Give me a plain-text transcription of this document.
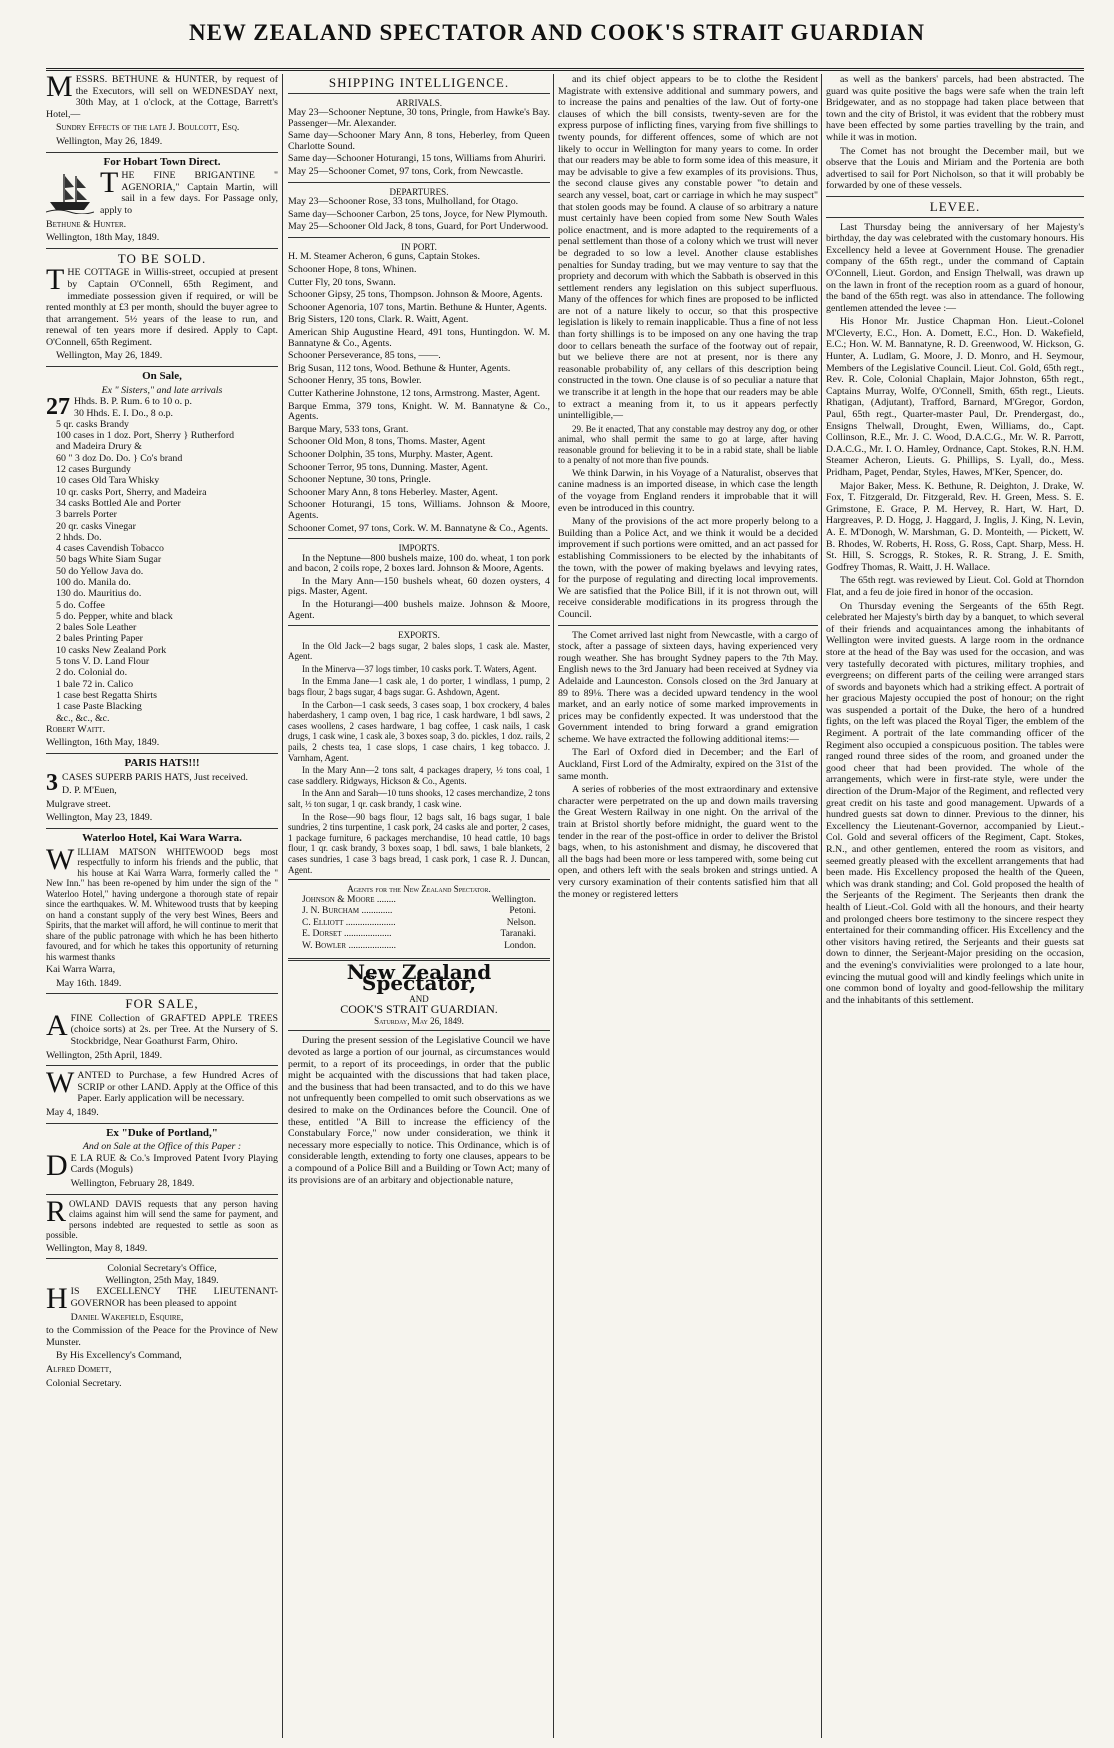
NEW ZEALAND SPECTATOR AND COOK'S STRAIT GUARDIAN

MESSRS. BETHUNE & HUNTER, by request of the Executors, will sell on WEDNESDAY next, 30th May, at 1 o'clock, at the Cottage, Barrett's Hotel,—

Sundry Effects of the late J. Boulcott, Esq.

Wellington, May 26, 1849.

For Hobart Town Direct.

THE FINE BRIGANTINE " AGENORIA," Captain Martin, will sail in a few days. For Passage only, apply to

Bethune & Hunter.

Wellington, 18th May, 1849.

TO BE SOLD.

THE COTTAGE in Willis-street, occupied at present by Captain O'Connell, 65th Regiment, and immediate possession given if required, or will be rented monthly at £3 per month, should the buyer agree to that arrangement. 5½ years of the lease to run, and renewal of ten years more if desired. Apply to Capt. O'Connell, 65th Regiment.

Wellington, May 26, 1849.

On Sale,
Ex " Sisters," and late arrivals
27 Hhds. B. P. Rum. 6 to 10 o. p.
30 Hhds. E. I. Do., 8 o.p.
5 qr. casks Brandy
100 cases in 1 doz. Port, Sherry } Rutherford
and Madeira Drury &
60 " 3 doz Do. Do. } Co's brand
12 cases Burgundy
10 cases Old Tara Whisky
10 qr. casks Port, Sherry, and Madeira
34 casks Bottled Ale and Porter
3 barrels Porter
20 qr. casks Vinegar
2 hhds. Do.
4 cases Cavendish Tobacco
50 bags White Siam Sugar
50 do Yellow Java do.
100 do. Manila do.
130 do. Mauritius do.
5 do. Coffee
5 do. Pepper, white and black
2 bales Sole Leather
2 bales Printing Paper
10 casks New Zealand Pork
5 tons V. D. Land Flour
2 do. Colonial do.
1 bale 72 in. Calico
1 case best Regatta Shirts
1 case Paste Blacking
&c., &c., &c.

Robert Waitt.

Wellington, 16th May, 1849.

PARIS HATS!!!

3 CASES SUPERB PARIS HATS, Just received.

D. P. M'Euen,

Mulgrave street.

Wellington, May 23, 1849.

Waterloo Hotel, Kai Wara Warra.

WILLIAM MATSON WHITEWOOD begs most respectfully to inform his friends and the public, that his house at Kai Warra Warra, formerly called the " New Inn." has been re-opened by him under the sign of the " Waterloo Hotel," having undergone a thorough state of repair since the earthquakes. W. M. Whitewood trusts that by keeping on hand a constant supply of the very best Wines, Beers and Spirits, that the market will afford, he will continue to merit that share of the public patronage with which he has been hitherto favoured, and for which he takes this opportunity of returning his warmest thanks

Kai Warra Warra,

May 16th. 1849.

FOR SALE,

AFINE Collection of GRAFTED APPLE TREES (choice sorts) at 2s. per Tree. At the Nursery of S. Stockbridge, Near Goathurst Farm, Ohiro.

Wellington, 25th April, 1849.

WANTED to Purchase, a few Hundred Acres of SCRIP or other LAND. Apply at the Office of this Paper. Early application will be necessary.

May 4, 1849.

Ex "Duke of Portland,"
And on Sale at the Office of this Paper :

D E LA RUE & Co.'s Improved Patent Ivory Playing Cards (Moguls)

Wellington, February 28, 1849.

ROWLAND DAVIS requests that any person having claims against him will send the same for payment, and persons indebted are requested to settle as soon as possible.

Wellington, May 8, 1849.

Colonial Secretary's Office,
Wellington, 25th May, 1849.

HIS EXCELLENCY THE LIEUTENANT-GOVERNOR has been pleased to appoint

Daniel Wakefield, Esquire,

to the Commission of the Peace for the Province of New Munster.

By His Excellency's Command,

Alfred Domett,

Colonial Secretary.

SHIPPING INTELLIGENCE.
ARRIVALS.

May 23—Schooner Neptune, 30 tons, Pringle, from Hawke's Bay. Passenger—Mr. Alexander.

Same day—Schooner Mary Ann, 8 tons, Heberley, from Queen Charlotte Sound.

Same day—Schooner Hoturangi, 15 tons, Williams from Ahuriri.

May 25—Schooner Comet, 97 tons, Cork, from Newcastle.

DEPARTURES.

May 23—Schooner Rose, 33 tons, Mulholland, for Otago.

Same day—Schooner Carbon, 25 tons, Joyce, for New Plymouth.

May 25—Schooner Old Jack, 8 tons, Guard, for Port Underwood.

IN PORT.

H. M. Steamer Acheron, 6 guns, Captain Stokes.

Schooner Hope, 8 tons, Whinen.

Cutter Fly, 20 tons, Swann.

Schooner Gipsy, 25 tons, Thompson. Johnson & Moore, Agents.

Schooner Agenoria, 107 tons, Martin. Bethune & Hunter, Agents.

Brig Sisters, 120 tons, Clark. R. Waitt, Agent.

American Ship Augustine Heard, 491 tons, Huntingdon. W. M. Bannatyne & Co., Agents.

Schooner Perseverance, 85 tons, ——.

Brig Susan, 112 tons, Wood. Bethune & Hunter, Agents.

Schooner Henry, 35 tons, Bowler.

Cutter Katherine Johnstone, 12 tons, Armstrong. Master, Agent.

Barque Emma, 379 tons, Knight. W. M. Bannatyne & Co., Agents.

Barque Mary, 533 tons, Grant.

Schooner Old Mon, 8 tons, Thoms. Master, Agent

Schooner Dolphin, 35 tons, Murphy. Master, Agent.

Schooner Terror, 95 tons, Dunning. Master, Agent.

Schooner Neptune, 30 tons, Pringle.

Schooner Mary Ann, 8 tons Heberley. Master, Agent.

Schooner Hoturangi, 15 tons, Williams. Johnson & Moore, Agents.

Schooner Comet, 97 tons, Cork. W. M. Bannatyne & Co., Agents.

IMPORTS.

In the Neptune—800 bushels maize, 100 do. wheat, 1 ton pork and bacon, 2 coils rope, 2 boxes lard. Johnson & Moore, Agents.

In the Mary Ann—150 bushels wheat, 60 dozen oysters, 4 pigs. Master, Agent.

In the Hoturangi—400 bushels maize. Johnson & Moore, Agent.

EXPORTS.

In the Old Jack—2 bags sugar, 2 bales slops, 1 cask ale. Master, Agent.

In the Minerva—37 logs timber, 10 casks pork. T. Waters, Agent.

In the Emma Jane—1 cask ale, 1 do porter, 1 windlass, 1 pump, 2 bags flour, 2 bags sugar, 4 bags sugar. G. Ashdown, Agent.

In the Carbon—1 cask seeds, 3 cases soap, 1 box crockery, 4 bales haberdashery, 1 camp oven, 1 bag rice, 1 cask hardware, 1 bdl saws, 2 cases woollens, 2 cases hardware, 1 bag coffee, 1 cask nails, 1 cask drugs, 1 cask wine, 1 cask ale, 3 boxes soap, 3 do. pickles, 1 doz. rails, 2 pails, 2 chests tea, 1 case slops, 1 case chairs, 1 keg tobacco. J. Varnham, Agent.

In the Mary Ann—2 tons salt, 4 packages drapery, ½ tons coal, 1 case saddlery. Ridgways, Hickson & Co., Agents.

In the Ann and Sarah—10 tuns shooks, 12 cases merchandize, 2 tons salt, ½ ton sugar, 1 qr. cask brandy, 1 cask wine.

In the Rose—90 bags flour, 12 bags salt, 16 bags sugar, 1 bale sundries, 2 tins turpentine, 1 cask pork, 24 casks ale and porter, 2 cases, 1 package furniture, 6 packages merchandise, 10 head cattle, 10 bags flour, 1 qr. cask brandy, 3 boxes soap, 1 bdl. saws, 1 bale blankets, 2 cases sundries, 1 case 3 bags bread, 1 cask pork, 1 case R. J. Duncan, Agent.

Agents for the New Zealand Spectator.
Johnson & Moore ........	Wellington.
J. N. Burcham .............	Petoni.
C. Elliott .....................	Nelson.
E. Dorset ....................	Taranaki.
W. Bowler ....................	London.
New Zealand Spectator,
AND
COOK'S STRAIT GUARDIAN.
Saturday, May 26, 1849.

During the present session of the Legislative Council we have devoted as large a portion of our journal, as circumstances would permit, to a report of its proceedings, in order that the public might be acquainted with the discussions that had taken place, and the business that had been transacted, and to do this we have not unfrequently been compelled to omit such observations as we desired to make on the Ordinances before the Council. One of these, entitled "A Bill to increase the efficiency of the Constabulary Force," now under consideration, we think it necessary more especially to notice. This Ordinance, which is of considerable length, extending to forty one clauses, appears to be a compound of a Police Bill and a Building or Town Act; many of its provisions are of an arbitary and objectionable nature,

and its chief object appears to be to clothe the Resident Magistrate with extensive additional and summary powers, and to increase the pains and penalties of the law. Out of forty-one clauses of which the bill consists, twenty-seven are for the express purpose of inflicting fines, varying from five shillings to twenty pounds, for different offences, some of which are not likely to occur in Wellington for many years to come. In order that our readers may be able to form some idea of this measure, it may be advisable to give a few examples of its provisions. Thus, the second clause gives any constable power "to detain and search any vessel, boat, cart or carriage in which he may suspect" that stolen goods may be found. A clause of so arbitrary a nature must certainly have been copied from some New South Wales police enactment, and is more adapted to the requirements of a penal settlement than those of a colony which we trust will never be degraded to so low a level. Another clause establishes penalties for Sunday trading, but we may venture to say that the propriety and decorum with which the Sabbath is observed in this settlement renders any legislation on this subject superfluous. Many of the offences for which fines are proposed to be inflicted are not of a nature likely to occur, so that this prospective legislation is likely to remain inapplicable. Thus a fine of not less than forty shillings is to be imposed on any one having the trap door to cellars beneath the surface of the footway out of repair, but we believe there are not at present, nor is there any reasonable probability of, any cellars of this description being constructed in the town. One clause is of so peculiar a nature that we transcribe it at length in the hope that our readers may be able to extract a meaning from it, to us it appears perfectly unintelligible,—

29. Be it enacted, That any constable may destroy any dog, or other animal, who shall permit the same to go at large, after having reasonable ground for believing it to be in a rabid state, shall be liable to a penalty of not more than five pounds.

We think Darwin, in his Voyage of a Naturalist, observes that canine madness is an imported disease, in which case the length of the voyage from England renders it improbable that it will even be introduced in this country.

Many of the provisions of the act more properly belong to a Building than a Police Act, and we think it would be a decided improvement if such portions were omitted, and an act passed for establishing Commissioners to be elected by the inhabitants of the town, with the power of making byelaws and levying rates, for the purpose of regulating and directing local improvements. We are satisfied that the Police Bill, if it is not thrown out, will receive considerable modifications in its progress through the Council.

The Comet arrived last night from Newcastle, with a cargo of stock, after a passage of sixteen days, having experienced very rough weather. She has brought Sydney papers to the 7th May. English news to the 3rd January had been received at Sydney via Adelaide and Launceston. Consols closed on the 3rd January at 89 to 89⅛. There was a decided upward tendency in the wool market, and an early notice of some marked improvements in prices may be confidently expected. It was understood that the Government intended to bring forward a grand emigration scheme. We have extracted the following additional items:—

The Earl of Oxford died in December; and the Earl of Auckland, First Lord of the Admiralty, expired on the 31st of the same month.

A series of robberies of the most extraordinary and extensive character were perpetrated on the up and down mails traversing the Great Western Railway in one night. On the arrival of the train at Bristol shortly before midnight, the guard went to the tender in the rear of the post-office in order to deliver the Bristol bags, when, to his astonishment and dismay, he discovered that all the bags had been more or less tampered with, some being cut open, and others left with the seals broken and strings untied. A very cursory examination of their contents satisfied him that all the money or registered letters

as well as the bankers' parcels, had been abstracted. The guard was quite positive the bags were safe when the train left Bridgewater, and as no stoppage had taken place between that town and the city of Bristol, it was evident that the robbery must have been effected by some parties travelling by the train, and while it was in motion.

The Comet has not brought the December mail, but we observe that the Louis and Miriam and the Portenia are both advertised to sail for Port Nicholson, so that it will probably be forwarded by one of these vessels.

LEVEE.

Last Thursday being the anniversary of her Majesty's birthday, the day was celebrated with the customary honours. His Excellency held a levee at Government House. The grenadier company of the 65th regt., under the command of Captain O'Connell, Lieut. Gordon, and Ensign Thelwall, was drawn up on the lawn in front of the reception room as a guard of honour, the band of the 65th regt. was also in attendance. The following gentlemen attended the levee :—

His Honor Mr. Justice Chapman Hon. Lieut.-Colonel M'Cleverty, E.C., Hon. A. Domett, E.C., Hon. D. Wakefield, E.C.; Hon. W. M. Bannatyne, R. D. Greenwood, W. Hickson, G. Hunter, A. Ludlam, G. Moore, J. D. Monro, and H. Seymour, Members of the Legislative Council. Lieut. Col. Gold, 65th regt., Rev. R. Cole, Colonial Chaplain, Major Johnston, 65th regt., Captains Murray, Wolfe, O'Connell, Smith, 65th regt., Lieuts. Rhatigan, (Adjutant), Trafford, Barnard, M'Gregor, Gordon, Paul, 65th regt., Quarter-master Paul, Dr. Prendergast, do., Ensigns Thelwall, Drought, Ewen, Williams, do., Capt. Collinson, R.E., Mr. J. C. Wood, D.A.C.G., Mr. W. R. Parrott, D.A.C.G., Mr. I. O. Hamley, Ordnance, Capt. Stokes, R.N. H.M. Steamer Acheron, Lieuts. G. Phillips, S. Lyall, do., Mess. Pridham, Paget, Pendar, Styles, Hawes, M'Ker, Spencer, do.

Major Baker, Mess. K. Bethune, R. Deighton, J. Drake, W. Fox, T. Fitzgerald, Dr. Fitzgerald, Rev. H. Green, Mess. S. E. Grimstone, E. Grace, P. M. Hervey, R. Hart, W. Hart, D. Hargreaves, P. D. Hogg, J. Haggard, J. Inglis, J. King, N. Levin, A. E. M'Donogh, W. Marshman, G. D. Monteith, — Pickett, W. B. Rhodes, W. Roberts, H. Ross, G. Ross, Capt. Sharp, Mess. H. St. Hill, S. Scroggs, R. Stokes, R. R. Strang, J. E. Smith, Godfrey Thomas, R. Waitt, J. H. Wallace.

The 65th regt. was reviewed by Lieut. Col. Gold at Thorndon Flat, and a feu de joie fired in honor of the occasion.

On Thursday evening the Sergeants of the 65th Regt. celebrated her Majesty's birth day by a banquet, to which several of their friends and acquaintances among the inhabitants of Wellington were invited guests. A large room in the ordnance store at the head of the Bay was used for the occasion, and was very tastefully decorated with pictures, military trophies, and evergreens; on different parts of the ceiling were arranged stars of swords and bayonets which had a striking effect. A portrait of her gracious Majesty occupied the post of honour; on the right was suspended a portait of the Duke, the hero of a hundred fights, on the left was placed the Royal Tiger, the emblem of the Regiment. A portrait of the late commanding officer of the Regiment also occupied a conspicuous position. The tables were ranged round three sides of the room, and groaned under the good cheer that had been provided. The whole of the arrangements, which were in first-rate style, were under the direction of the Drum-Major of the Regiment, and reflected very great credit on his taste and good management. Upwards of a hundred guests sat down to dinner. Previous to the dinner, his Excellency the Lieutenant-Governor, accompanied by Lieut.-Col. Gold and several officers of the Regiment, Capt. Stokes, R.N., and other gentlemen, entered the room as visitors, and seemed greatly pleased with the excellent arrangements that had been made. His Excellency proposed the health of the Queen, which was drank standing; and Col. Gold proposed the health of the Serjeants of the Regiment. The Serjeants then drank the health of Lieut.-Col. Gold with all the honours, and their hearty and prolonged cheers bore testimony to the sincere respect they entertained for their commanding officer. His Excellency and the other visitors having retired, the Serjeants and their guests sat down to dinner, the Serjeant-Major presiding on the occasion, and the evening's convivialities were prolonged to a late hour, evincing the mutual good will and kindly feelings which unite in one common bond of loyalty and good-fellowship the military and the inhabitants of this settlement.
